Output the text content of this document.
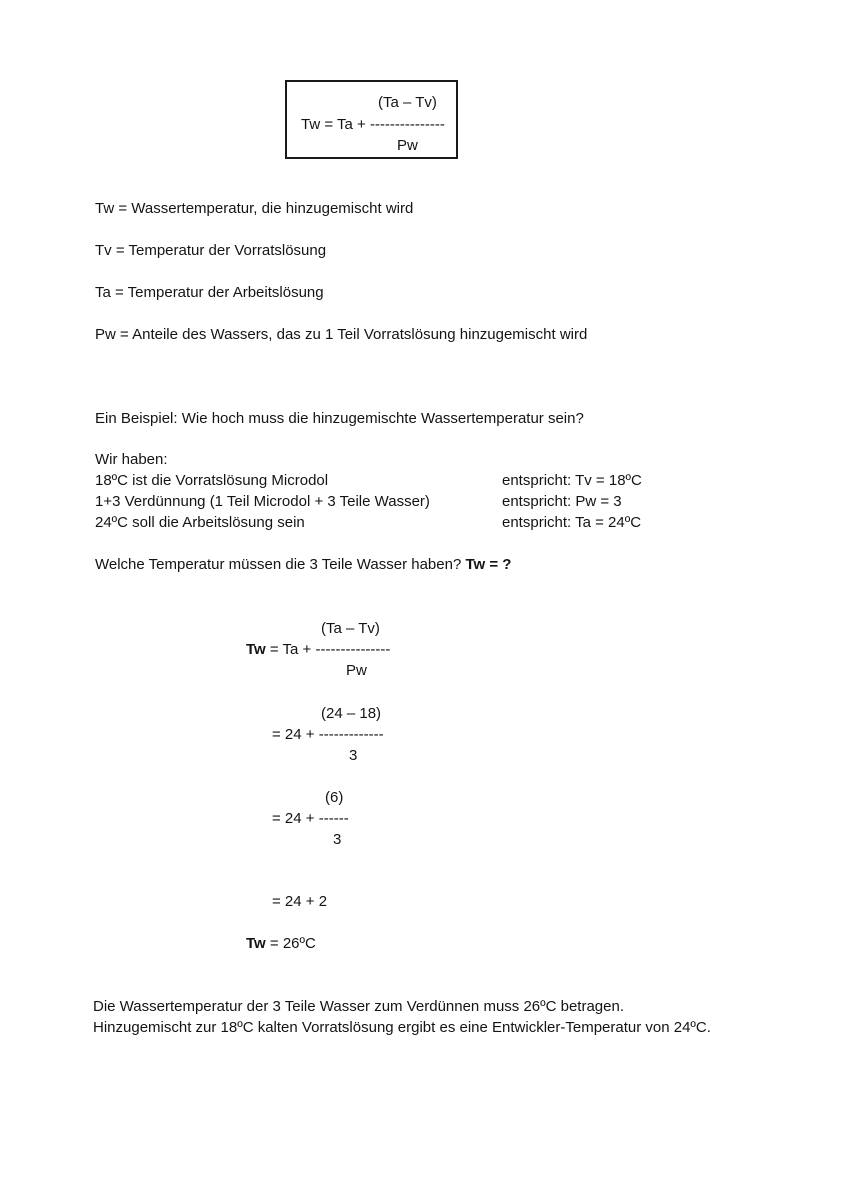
(Ta – Tv)
Tw = Ta + ---------------
Pw
Tw = Wassertemperatur, die hinzugemischt wird
Tv = Temperatur der Vorratslösung
Ta = Temperatur der Arbeitslösung
Pw = Anteile des Wassers, das zu 1 Teil Vorratslösung hinzugemischt wird
Ein Beispiel: Wie hoch muss die hinzugemischte Wassertemperatur sein?
Wir haben:
18ºC ist die Vorratslösung Microdol	entspricht: Tv = 18ºC
1+3 Verdünnung (1 Teil Microdol + 3 Teile Wasser)	entspricht: Pw = 3
24ºC soll die Arbeitslösung sein	entspricht: Ta = 24ºC
Welche Temperatur müssen die 3 Teile Wasser haben? Tw = ?
(Ta – Tv)
Tw = Ta + ---------------
Pw
(24 – 18)
= 24 + -------------
3
(6)
= 24 + ------
3
= 24 + 2
Tw = 26ºC
Die Wassertemperatur der 3 Teile Wasser zum Verdünnen muss 26ºC betragen.
Hinzugemischt zur 18ºC kalten Vorratslösung ergibt es eine Entwickler-Temperatur von 24ºC.
